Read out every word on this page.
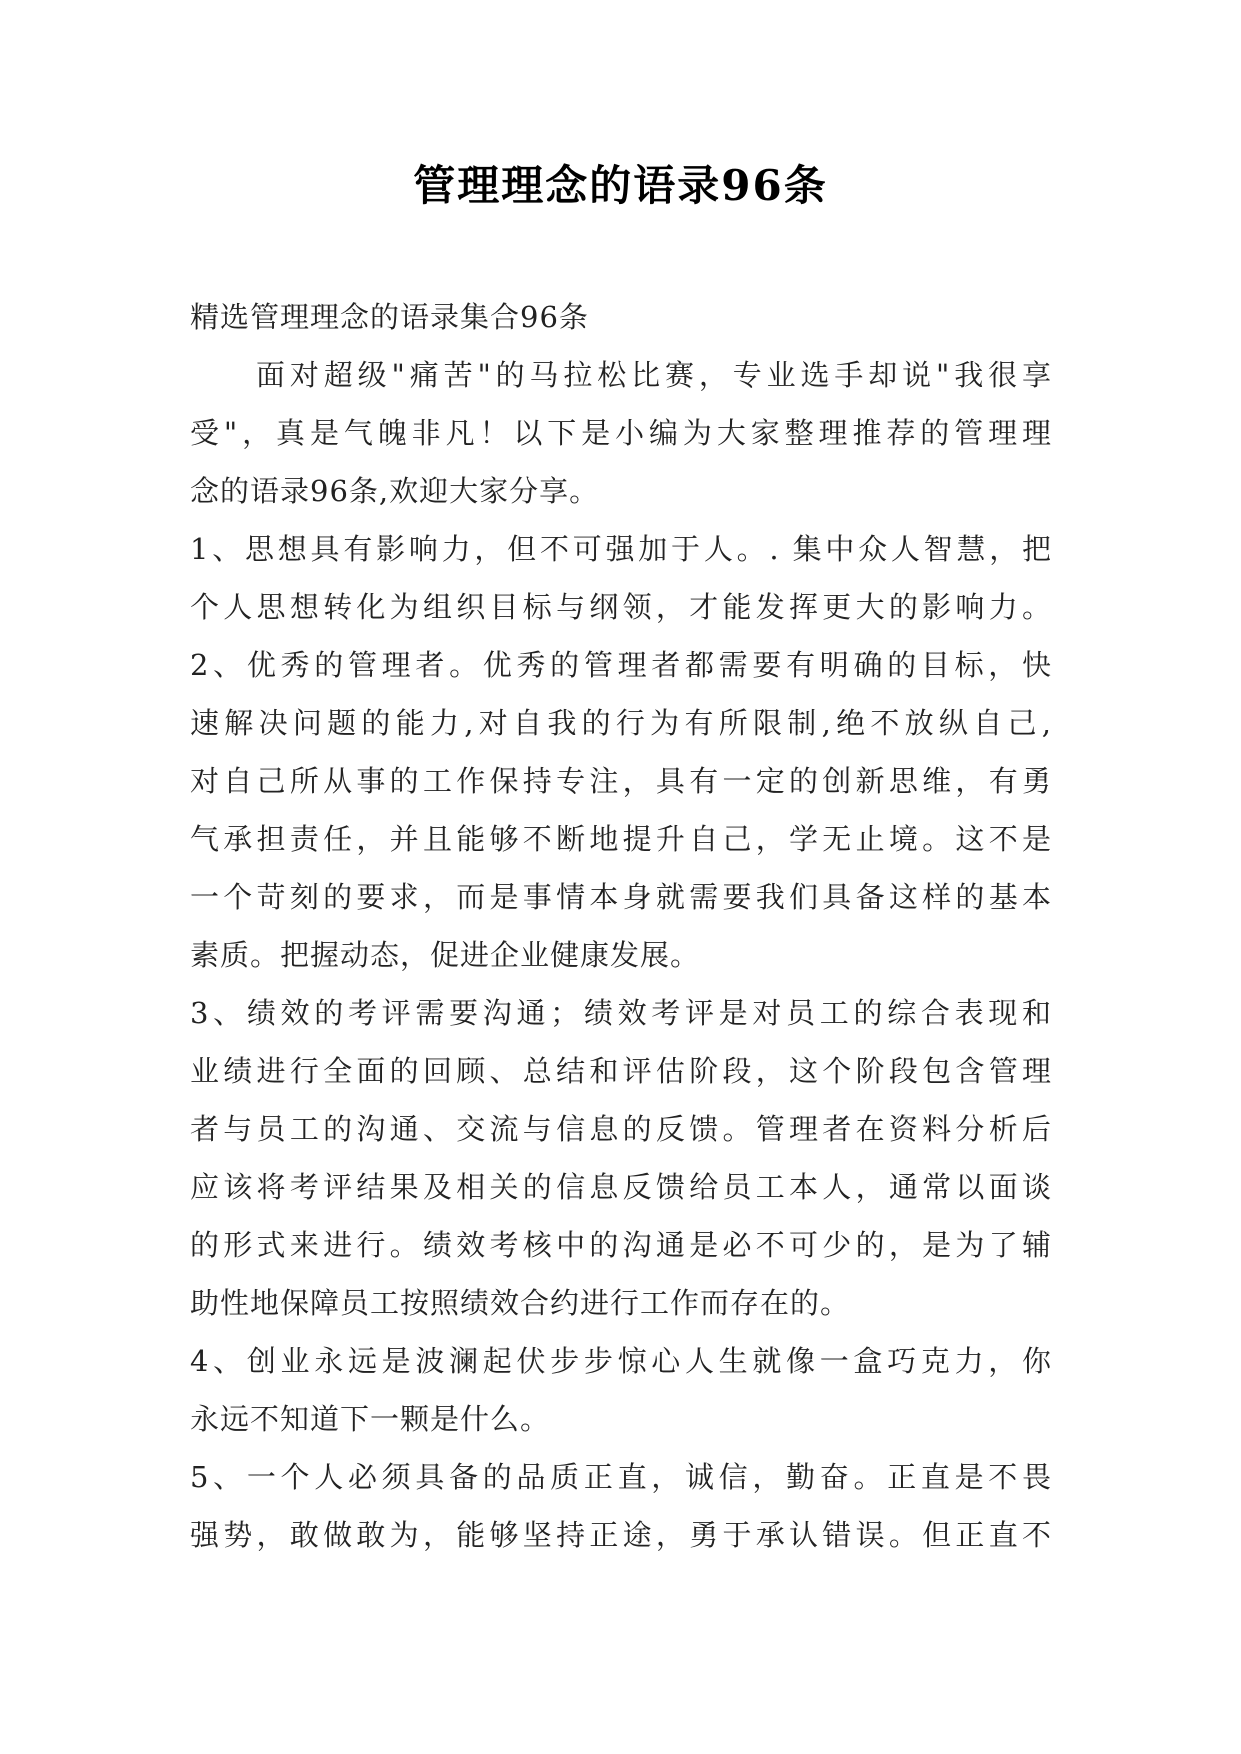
管理理念的语录96条
精选管理理念的语录集合96条
面对超级"痛苦"的马拉松比赛，专业选手却说"我很享
受"，真是气魄非凡！以下是小编为大家整理推荐的管理理
念的语录96条,欢迎大家分享。
1、思想具有影响力，但不可强加于人。. 集中众人智慧，把
个人思想转化为组织目标与纲领，才能发挥更大的影响力。
2、优秀的管理者。优秀的管理者都需要有明确的目标，快
速解决问题的能力,对自我的行为有所限制,绝不放纵自己,
对自己所从事的工作保持专注，具有一定的创新思维，有勇
气承担责任，并且能够不断地提升自己，学无止境。这不是
一个苛刻的要求，而是事情本身就需要我们具备这样的基本
素质。把握动态，促进企业健康发展。
3、绩效的考评需要沟通；绩效考评是对员工的综合表现和
业绩进行全面的回顾、总结和评估阶段，这个阶段包含管理
者与员工的沟通、交流与信息的反馈。管理者在资料分析后
应该将考评结果及相关的信息反馈给员工本人，通常以面谈
的形式来进行。绩效考核中的沟通是必不可少的，是为了辅
助性地保障员工按照绩效合约进行工作而存在的。
4、创业永远是波澜起伏步步惊心人生就像一盒巧克力，你
永远不知道下一颗是什么。
5、一个人必须具备的品质正直，诚信，勤奋。正直是不畏
强势，敢做敢为，能够坚持正途，勇于承认错误。但正直不
